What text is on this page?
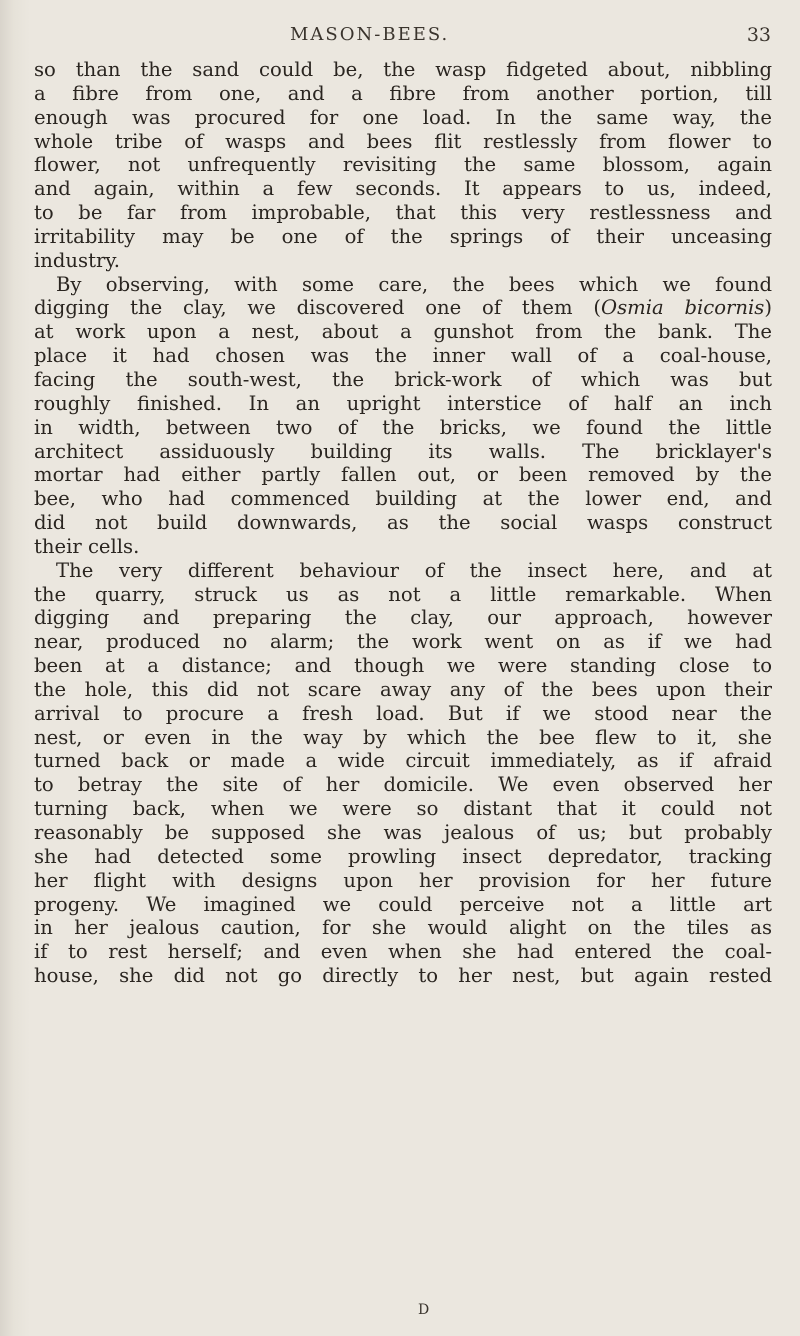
MASON-BEES.	33
so than the sand could be, the wasp fidgeted about, nibbling
a fibre from one, and a fibre from another portion, till
enough was procured for one load. In the same way, the
whole tribe of wasps and bees flit restlessly from flower to
flower, not unfrequently revisiting the same blossom, again
and again, within a few seconds. It appears to us, indeed,
to be far from improbable, that this very restlessness and
irritability may be one of the springs of their unceasing
industry.
By observing, with some care, the bees which we found
digging the clay, we discovered one of them (Osmia bicornis)
at work upon a nest, about a gunshot from the bank. The
place it had chosen was the inner wall of a coal-house,
facing the south-west, the brick-work of which was but
roughly finished. In an upright interstice of half an inch
in width, between two of the bricks, we found the little
architect assiduously building its walls. The bricklayer's
mortar had either partly fallen out, or been removed by the
bee, who had commenced building at the lower end, and
did not build downwards, as the social wasps construct
their cells.
The very different behaviour of the insect here, and at
the quarry, struck us as not a little remarkable. When
digging and preparing the clay, our approach, however
near, produced no alarm; the work went on as if we had
been at a distance; and though we were standing close to
the hole, this did not scare away any of the bees upon their
arrival to procure a fresh load. But if we stood near the
nest, or even in the way by which the bee flew to it, she
turned back or made a wide circuit immediately, as if afraid
to betray the site of her domicile. We even observed her
turning back, when we were so distant that it could not
reasonably be supposed she was jealous of us; but probably
she had detected some prowling insect depredator, tracking
her flight with designs upon her provision for her future
progeny. We imagined we could perceive not a little art
in her jealous caution, for she would alight on the tiles as
if to rest herself; and even when she had entered the coal-
house, she did not go directly to her nest, but again rested
D
